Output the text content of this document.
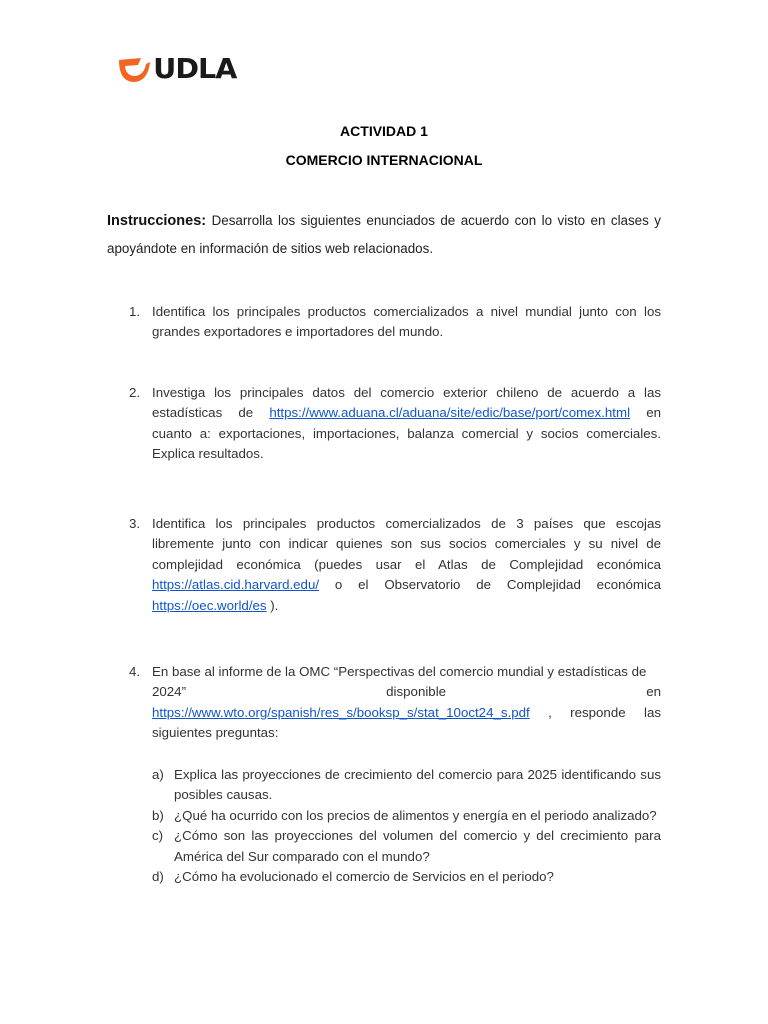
UDLA
ACTIVIDAD 1
COMERCIO INTERNACIONAL
Instrucciones: Desarrolla los siguientes enunciados de acuerdo con lo visto en clases y apoyándote en información de sitios web relacionados.
1. Identifica los principales productos comercializados a nivel mundial junto con los grandes exportadores e importadores del mundo.
2. Investiga los principales datos del comercio exterior chileno de acuerdo a las estadísticas de https://www.aduana.cl/aduana/site/edic/base/port/comex.html en cuanto a: exportaciones, importaciones, balanza comercial y socios comerciales. Explica resultados.
3. Identifica los principales productos comercializados de 3 países que escojas libremente junto con indicar quienes son sus socios comerciales y su nivel de complejidad económica (puedes usar el Atlas de Complejidad económica https://atlas.cid.harvard.edu/ o el Observatorio de Complejidad económica https://oec.world/es ).
4. En base al informe de la OMC “Perspectivas del comercio mundial y estadísticas de
2024”	disponible	en
https://www.wto.org/spanish/res_s/booksp_s/stat_10oct24_s.pdf , responde las siguientes preguntas:
a) Explica las proyecciones de crecimiento del comercio para 2025 identificando sus posibles causas.
b) ¿Qué ha ocurrido con los precios de alimentos y energía en el periodo analizado?
c) ¿Cómo son las proyecciones del volumen del comercio y del crecimiento para América del Sur comparado con el mundo?
d) ¿Cómo ha evolucionado el comercio de Servicios en el periodo?
